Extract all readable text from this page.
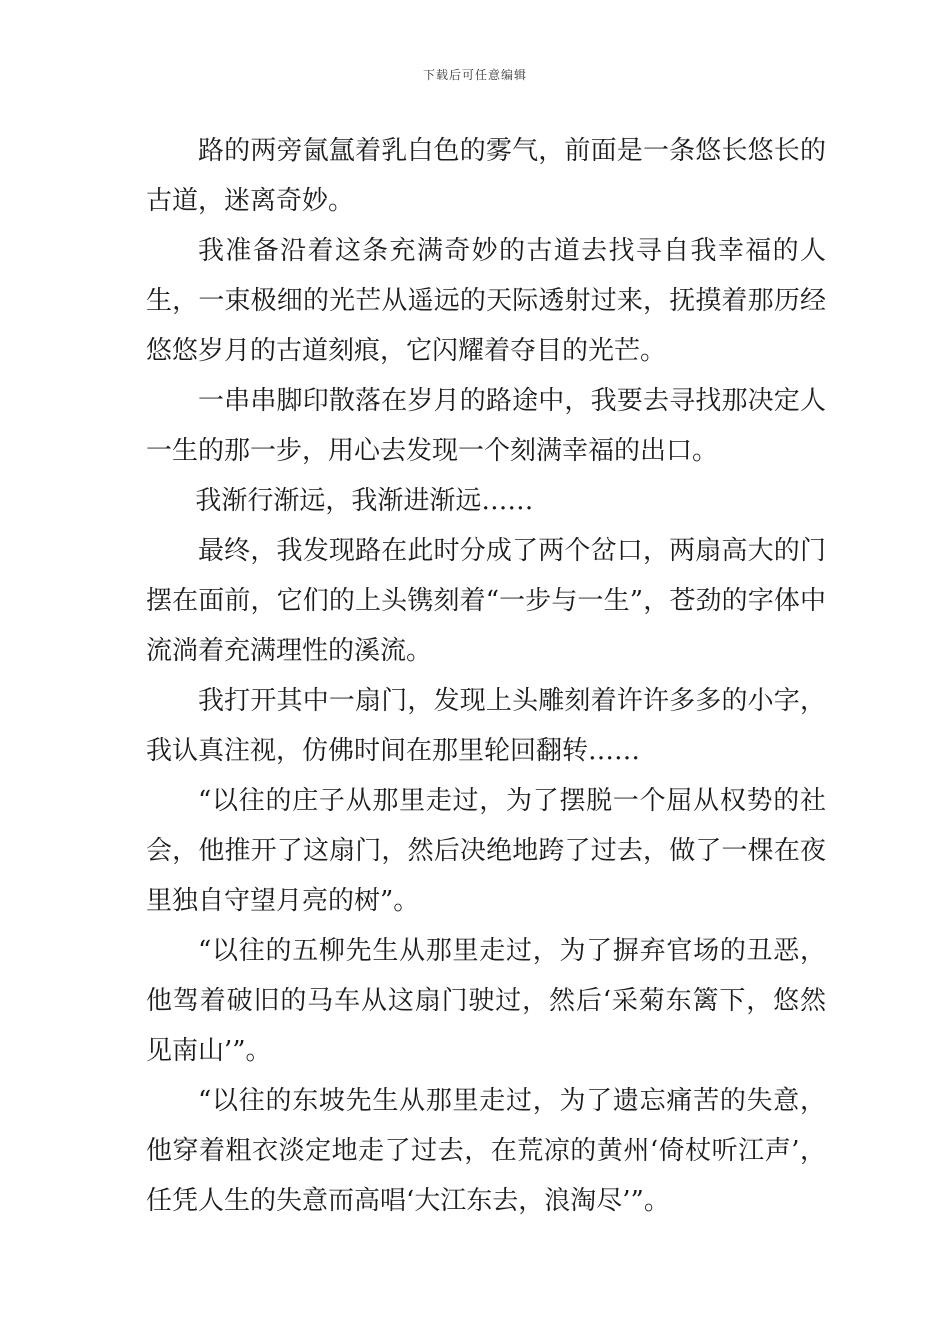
下载后可任意编辑

路的两旁氤氲着乳白色的雾气，前面是一条悠长悠长的古道，迷离奇妙。

我准备沿着这条充满奇妙的古道去找寻自我幸福的人生，一束极细的光芒从遥远的天际透射过来，抚摸着那历经悠悠岁月的古道刻痕，它闪耀着夺目的光芒。

一串串脚印散落在岁月的路途中，我要去寻找那决定人一生的那一步，用心去发现一个刻满幸福的出口。

我渐行渐远，我渐进渐远……

最终，我发现路在此时分成了两个岔口，两扇高大的门摆在面前，它们的上头镌刻着“一步与一生”，苍劲的字体中流淌着充满理性的溪流。

我打开其中一扇门，发现上头雕刻着许许多多的小字，我认真注视，仿佛时间在那里轮回翻转……

“以往的庄子从那里走过，为了摆脱一个屈从权势的社会，他推开了这扇门，然后决绝地跨了过去，做了一棵在夜里独自守望月亮的树”。

“以往的五柳先生从那里走过，为了摒弃官场的丑恶，他驾着破旧的马车从这扇门驶过，然后‘采菊东篱下，悠然见南山’”。

“以往的东坡先生从那里走过，为了遗忘痛苦的失意，他穿着粗衣淡定地走了过去，在荒凉的黄州‘倚杖听江声’，任凭人生的失意而高唱‘大江东去，浪淘尽’”。
